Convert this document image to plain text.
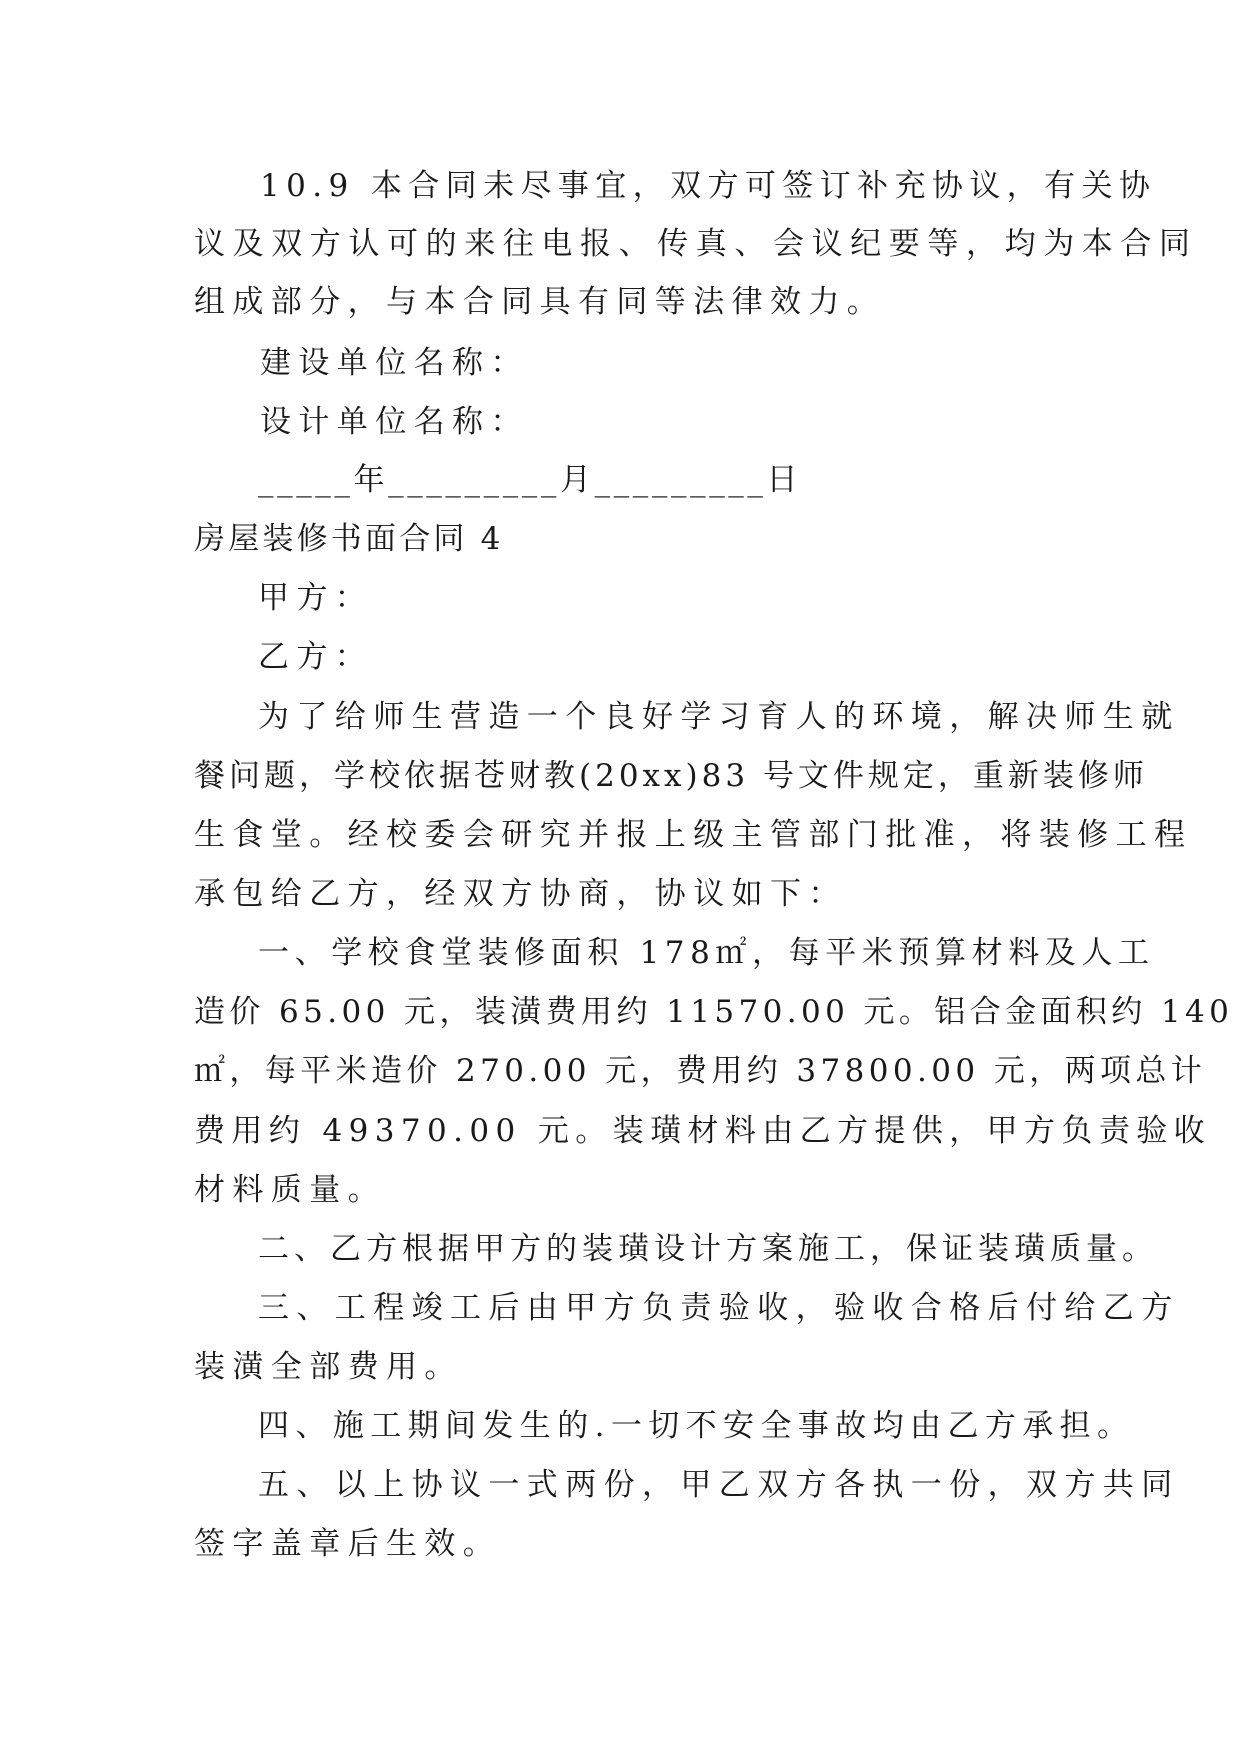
10.9 本合同未尽事宜，双方可签订补充协议，有关协
议及双方认可的来往电报、传真、会议纪要等，均为本合同
组成部分，与本合同具有同等法律效力。
建设单位名称：
设计单位名称：
_____年_________月_________日
房屋装修书面合同 4
甲方：
乙方：
为了给师生营造一个良好学习育人的环境，解决师生就
餐问题，学校依据苍财教(20xx)83 号文件规定，重新装修师
生食堂。经校委会研究并报上级主管部门批准，将装修工程
承包给乙方，经双方协商，协议如下：
一、学校食堂装修面积 178㎡，每平米预算材料及人工
造价 65.00 元，装潢费用约 11570.00 元。铝合金面积约 140
㎡，每平米造价 270.00 元，费用约 37800.00 元，两项总计
费用约 49370.00 元。装璜材料由乙方提供，甲方负责验收
材料质量。
二、乙方根据甲方的装璜设计方案施工，保证装璜质量。
三、工程竣工后由甲方负责验收，验收合格后付给乙方
装潢全部费用。
四、施工期间发生的.一切不安全事故均由乙方承担。
五、以上协议一式两份，甲乙双方各执一份，双方共同
签字盖章后生效。
